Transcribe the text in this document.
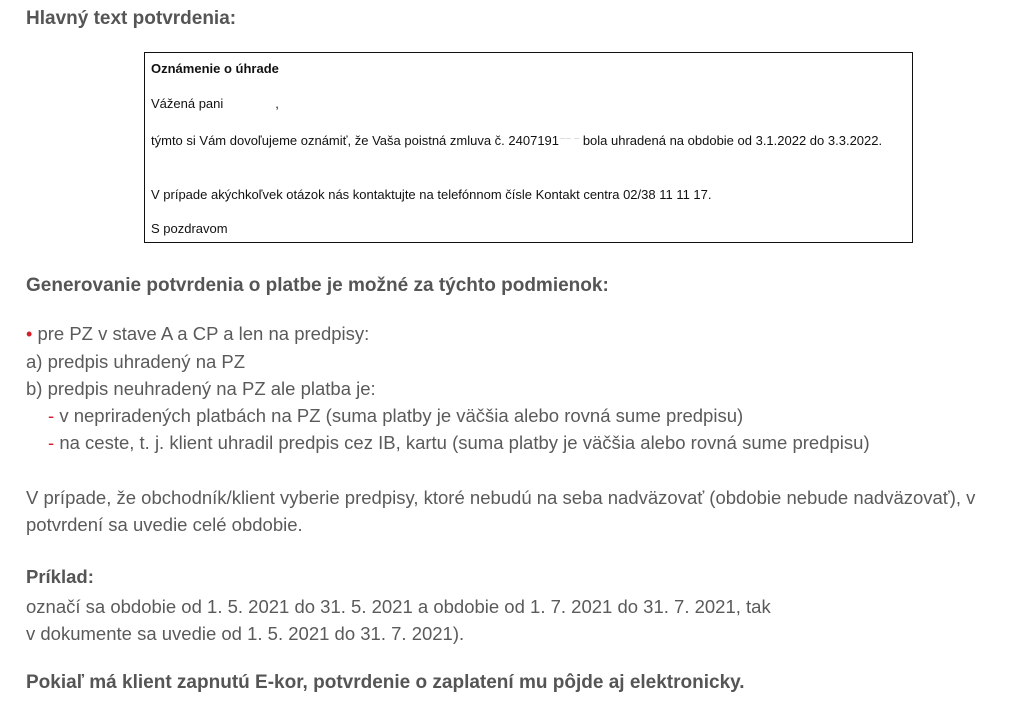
Hlavný text potvrdenia:

Oznámenie o úhrade

Vážená pani	,

týmto si Vám dovoľujeme oznámiť, že Vaša poistná zmluva č. 2407191⁻⁻ ⁻ bola uhradená na obdobie od 3.1.2022 do 3.3.2022.

V prípade akýchkoľvek otázok nás kontaktujte na telefónnom čísle Kontakt centra 02/38 11 11 17.

S pozdravom

Generovanie potvrdenia o platbe je možné za týchto podmienok:
• pre PZ v stave A a CP a len na predpisy:
a) predpis uhradený na PZ
b) predpis neuhradený na PZ ale platba je:
- v nepriradených platbách na PZ (suma platby je väčšia alebo rovná sume predpisu)
- na ceste, t. j. klient uhradil predpis cez IB, kartu (suma platby je väčšia alebo rovná sume predpisu)

V prípade, že obchodník/klient vyberie predpisy, ktoré nebudú na seba nadväzovať (obdobie nebude nadväzovať), v potvrdení sa uvedie celé obdobie.

Príklad:

označí sa obdobie od 1. 5. 2021 do 31. 5. 2021 a obdobie od 1. 7. 2021 do 31. 7. 2021, tak
v dokumente sa uvedie od 1. 5. 2021 do 31. 7. 2021).

Pokiaľ má klient zapnutú E-kor, potvrdenie o zaplatení mu pôjde aj elektronicky.
